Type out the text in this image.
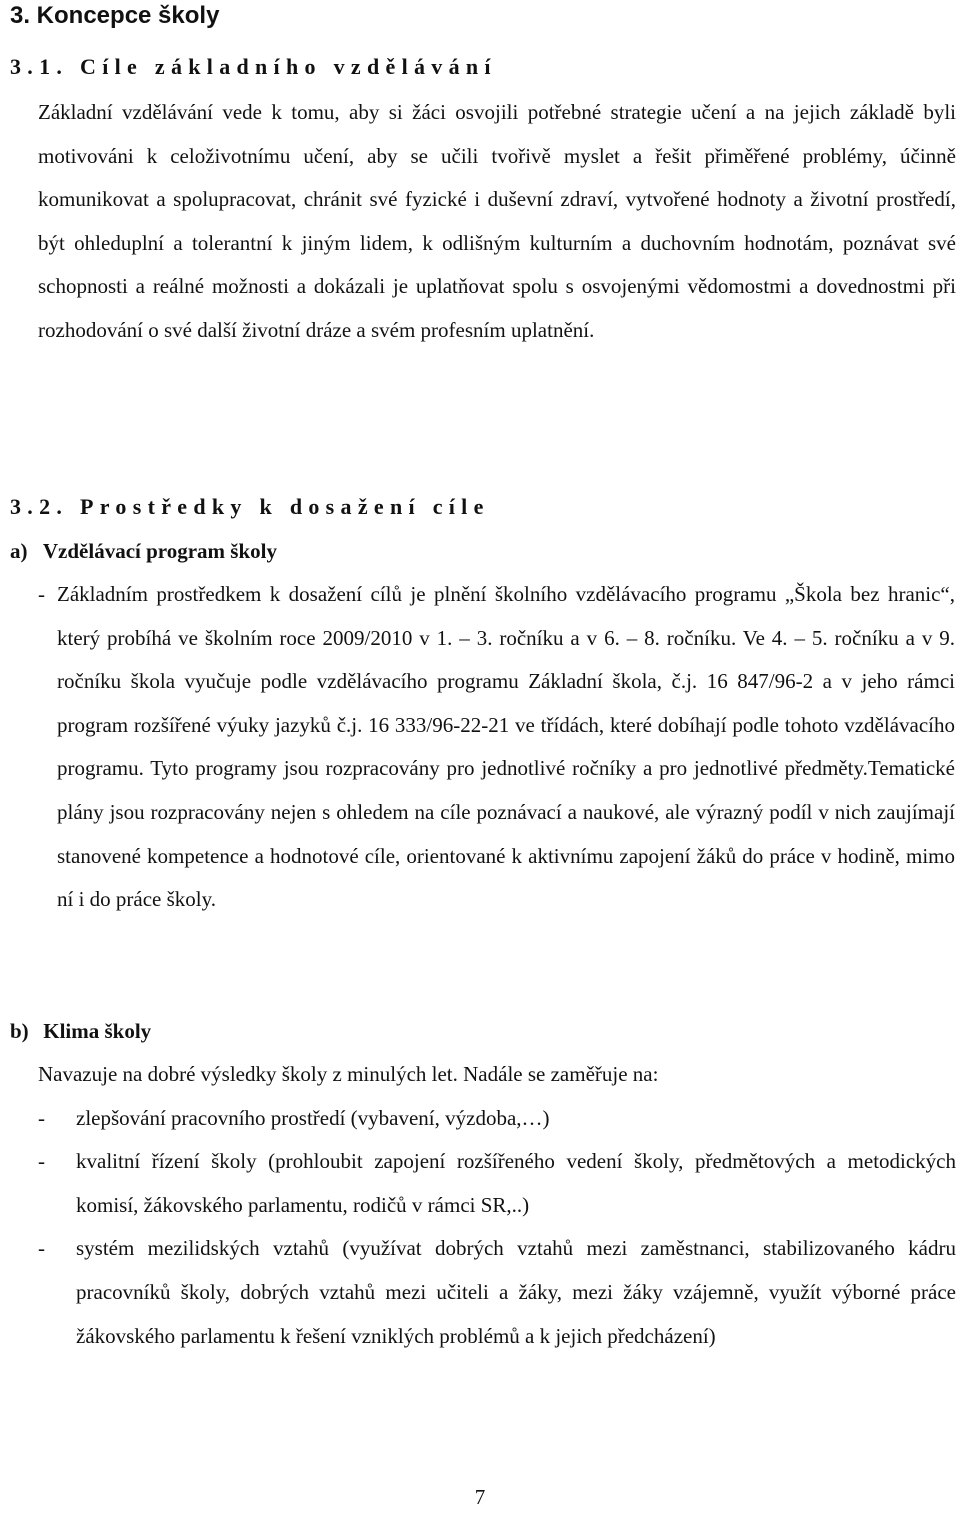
3. Koncepce školy
3.1. Cíle základního vzdělávání

Základní vzdělávání vede k tomu, aby si žáci osvojili potřebné strategie učení a na jejich základě byli motivováni k celoživotnímu učení, aby se učili tvořivě myslet a řešit přiměřené problémy, účinně komunikovat a spolupracovat, chránit své fyzické i duševní zdraví, vytvořené hodnoty a životní prostředí, být ohleduplní a tolerantní k jiným lidem, k odlišným kulturním a duchovním hodnotám, poznávat své schopnosti a reálné možnosti a dokázali je uplatňovat spolu s osvojenými vědomostmi a dovednostmi při rozhodování o své další životní dráze a svém profesním uplatnění.

3.2. Prostředky k dosažení cíle
a) Vzdělávací program školy
- Základním prostředkem k dosažení cílů je plnění školního vzdělávacího programu „Škola bez hranic“, který probíhá ve školním roce 2009/2010 v 1. – 3. ročníku a v 6. – 8. ročníku. Ve 4. – 5. ročníku a v 9. ročníku škola vyučuje podle vzdělávacího programu Základní škola, č.j. 16 847/96-2 a v jeho rámci program rozšířené výuky jazyků č.j. 16 333/96-22-21 ve třídách, které dobíhají podle tohoto vzdělávacího programu. Tyto programy jsou rozpracovány pro jednotlivé ročníky a pro jednotlivé předměty.Tematické plány jsou rozpracovány nejen s ohledem na cíle poznávací a naukové, ale výrazný podíl v nich zaujímají stanovené kompetence a hodnotové cíle, orientované k aktivnímu zapojení žáků do práce v hodině, mimo ní i do práce školy.
b) Klima školy
Navazuje na dobré výsledky školy z minulých let. Nadále se zaměřuje na:
- zlepšování pracovního prostředí (vybavení, výzdoba,…)
- kvalitní řízení školy (prohloubit zapojení rozšířeného vedení školy, předmětových a metodických komisí, žákovského parlamentu, rodičů v rámci SR,..)
- systém mezilidských vztahů (využívat dobrých vztahů mezi zaměstnanci, stabilizovaného kádru pracovníků školy, dobrých vztahů mezi učiteli a žáky, mezi žáky vzájemně, využít výborné práce žákovského parlamentu k řešení vzniklých problémů a k jejich předcházení)
7
